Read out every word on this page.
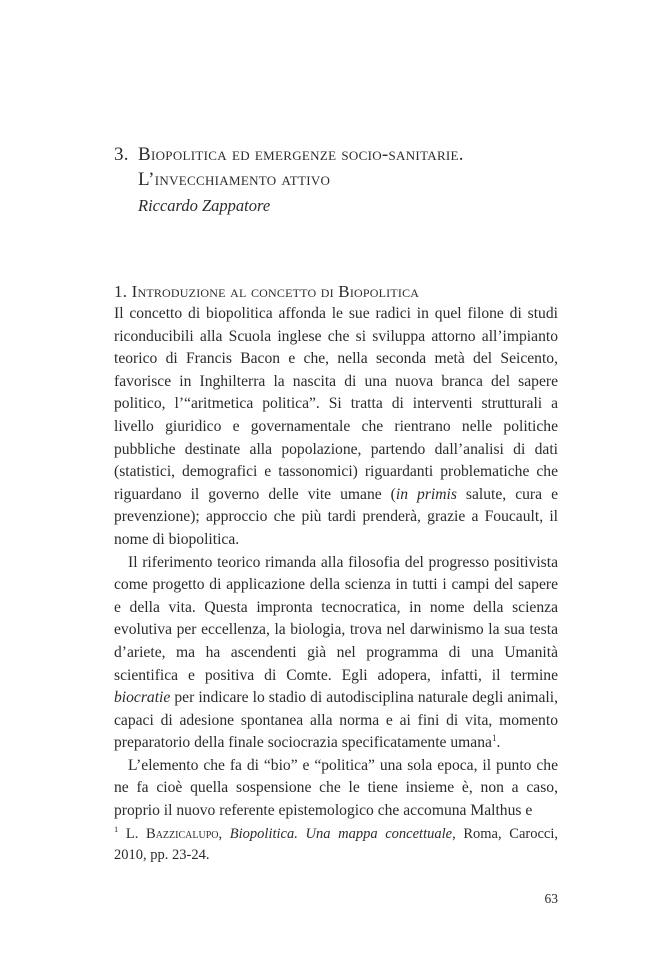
3. Biopolitica ed emergenze socio-sanitarie.
L’invecchiamento attivo
Riccardo Zappatore
1. Introduzione al concetto di Biopolitica

Il concetto di biopolitica affonda le sue radici in quel filone di studi riconducibili alla Scuola inglese che si sviluppa attorno all’impianto teorico di Francis Bacon e che, nella seconda metà del Seicento, favorisce in Inghilterra la nascita di una nuova branca del sapere politico, l’“aritmetica politica”. Si tratta di interventi strutturali a livello giuridico e governamentale che rientrano nelle politiche pubbliche destinate alla popolazione, partendo dall’analisi di dati (statistici, demografici e tassonomici) riguardanti problematiche che riguardano il governo delle vite umane (in primis salute, cura e prevenzione); approccio che più tardi prenderà, grazie a Foucault, il nome di biopolitica.

Il riferimento teorico rimanda alla filosofia del progresso positivista come progetto di applicazione della scienza in tutti i campi del sapere e della vita. Questa impronta tecnocratica, in nome della scienza evolutiva per eccellenza, la biologia, trova nel darwinismo la sua testa d’ariete, ma ha ascendenti già nel programma di una Umanità scientifica e positiva di Comte. Egli adopera, infatti, il termine biocratie per indicare lo stadio di autodisciplina naturale degli animali, capaci di adesione spontanea alla norma e ai fini di vita, momento preparatorio della finale sociocrazia specificatamente umana$^1$.

L’elemento che fa di “bio” e “politica” una sola epoca, il punto che ne fa cioè quella sospensione che le tiene insieme è, non a caso, proprio il nuovo referente epistemologico che accomuna Malthus e

$^1$ L. Bazzicalupo, Biopolitica. Una mappa concettuale, Roma, Carocci, 2010, pp. 23-24.
63
